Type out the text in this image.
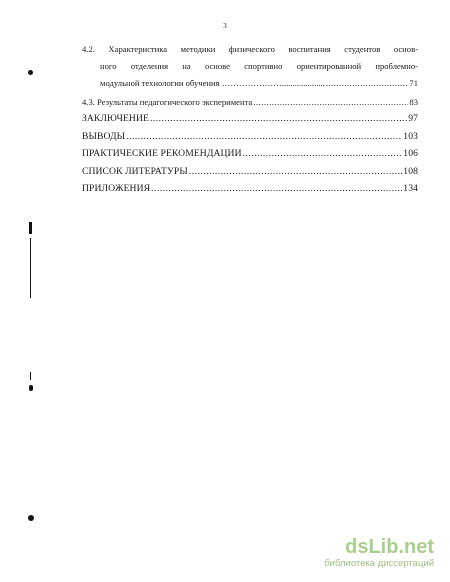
3
4.2. Характеристика методики физического воспитания студентов основ-
ного отделения на основе спортивно ориентированной проблемно-
модульной технологии обучения ………………….................... .....	71
4.3. Результаты педагогического эксперимента .....	83
ЗАКЛЮЧЕНИЕ .....	97
ВЫВОДЫ .....	103
ПРАКТИЧЕСКИЕ РЕКОМЕНДАЦИИ .....	106
СПИСОК ЛИТЕРАТУРЫ .....	108
ПРИЛОЖЕНИЯ .....	134
dsLib.net
библиотека диссертаций
